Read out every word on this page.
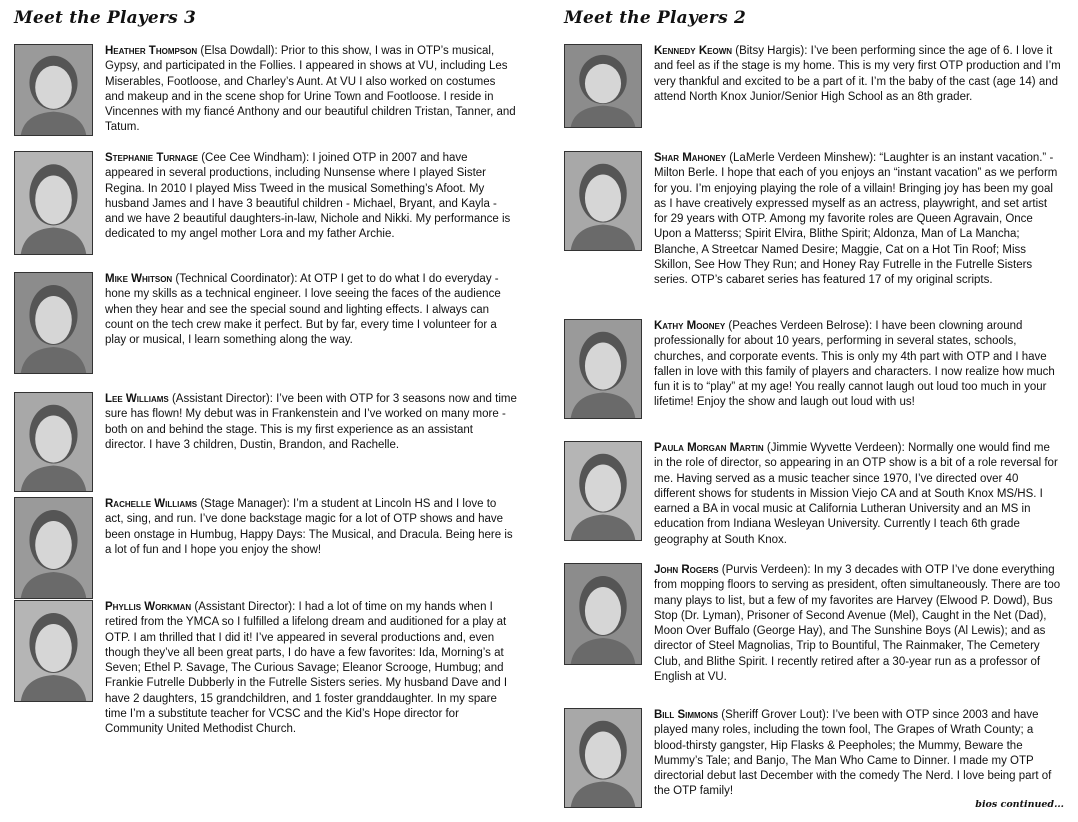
Meet the Players 3
Heather Thompson (Elsa Dowdall): Prior to this show, I was in OTP’s musical, Gypsy, and participated in the Follies. I appeared in shows at VU, including Les Miserables, Footloose, and Charley’s Aunt. At VU I also worked on costumes and makeup and in the scene shop for Urine Town and Footloose. I reside in Vincennes with my fiancé Anthony and our beautiful children Tristan, Tanner, and Tatum.
Stephanie Turnage (Cee Cee Windham): I joined OTP in 2007 and have appeared in several productions, including Nunsense where I played Sister Regina. In 2010 I played Miss Tweed in the musical Something’s Afoot. My husband James and I have 3 beautiful children - Michael, Bryant, and Kayla - and we have 2 beautiful daughters-in-law, Nichole and Nikki. My performance is dedicated to my angel mother Lora and my father Archie.
Mike Whitson (Technical Coordinator): At OTP I get to do what I do everyday - hone my skills as a technical engineer. I love seeing the faces of the audience when they hear and see the special sound and lighting effects. I always can count on the tech crew make it perfect. But by far, every time I volunteer for a play or musical, I learn something along the way.
Lee Williams (Assistant Director): I’ve been with OTP for 3 seasons now and time sure has flown! My debut was in Frankenstein and I’ve worked on many more - both on and behind the stage. This is my first experience as an assistant director. I have 3 children, Dustin, Brandon, and Rachelle.
Rachelle Williams (Stage Manager): I’m a student at Lincoln HS and I love to act, sing, and run. I’ve done backstage magic for a lot of OTP shows and have been onstage in Humbug, Happy Days: The Musical, and Dracula. Being here is a lot of fun and I hope you enjoy the show!
Phyllis Workman (Assistant Director): I had a lot of time on my hands when I retired from the YMCA so I fulfilled a lifelong dream and auditioned for a play at OTP. I am thrilled that I did it! I’ve appeared in several productions and, even though they’ve all been great parts, I do have a few favorites: Ida, Morning’s at Seven; Ethel P. Savage, The Curious Savage; Eleanor Scrooge, Humbug; and Frankie Futrelle Dubberly in the Futrelle Sisters series. My husband Dave and I have 2 daughters, 15 grandchildren, and 1 foster granddaughter. In my spare time I’m a substitute teacher for VCSC and the Kid’s Hope director for Community United Methodist Church.
Meet the Players 2
Kennedy Keown (Bitsy Hargis): I’ve been performing since the age of 6. I love it and feel as if the stage is my home. This is my very first OTP production and I’m very thankful and excited to be a part of it. I’m the baby of the cast (age 14) and attend North Knox Junior/Senior High School as an 8th grader.
Shar Mahoney (LaMerle Verdeen Minshew): “Laughter is an instant vacation.” -Milton Berle. I hope that each of you enjoys an “instant vacation” as we perform for you. I’m enjoying playing the role of a villain! Bringing joy has been my goal as I have creatively expressed myself as an actress, playwright, and set artist for 29 years with OTP. Among my favorite roles are Queen Agravain, Once Upon a Matterss; Spirit Elvira, Blithe Spirit; Aldonza, Man of La Mancha; Blanche, A Streetcar Named Desire; Maggie, Cat on a Hot Tin Roof; Miss Skillon, See How They Run; and Honey Ray Futrelle in the Futrelle Sisters series. OTP’s cabaret series has featured 17 of my original scripts.
Kathy Mooney (Peaches Verdeen Belrose): I have been clowning around professionally for about 10 years, performing in several states, schools, churches, and corporate events. This is only my 4th part with OTP and I have fallen in love with this family of players and characters. I now realize how much fun it is to “play” at my age! You really cannot laugh out loud too much in your lifetime! Enjoy the show and laugh out loud with us!
Paula Morgan Martin (Jimmie Wyvette Verdeen): Normally one would find me in the role of director, so appearing in an OTP show is a bit of a role reversal for me. Having served as a music teacher since 1970, I’ve directed over 40 different shows for students in Mission Viejo CA and at South Knox MS/HS. I earned a BA in vocal music at California Lutheran University and an MS in education from Indiana Wesleyan University. Currently I teach 6th grade geography at South Knox.
John Rogers (Purvis Verdeen): In my 3 decades with OTP I’ve done everything from mopping floors to serving as president, often simultaneously. There are too many plays to list, but a few of my favorites are Harvey (Elwood P. Dowd), Bus Stop (Dr. Lyman), Prisoner of Second Avenue (Mel), Caught in the Net (Dad), Moon Over Buffalo (George Hay), and The Sunshine Boys (Al Lewis); and as director of Steel Magnolias, Trip to Bountiful, The Rainmaker, The Cemetery Club, and Blithe Spirit. I recently retired after a 30-year run as a professor of English at VU.
Bill Simmons (Sheriff Grover Lout): I’ve been with OTP since 2003 and have played many roles, including the town fool, The Grapes of Wrath County; a blood-thirsty gangster, Hip Flasks & Peepholes; the Mummy, Beware the Mummy’s Tale; and Banjo, The Man Who Came to Dinner. I made my OTP directorial debut last December with the comedy The Nerd. I love being part of the OTP family!
bios continued...
